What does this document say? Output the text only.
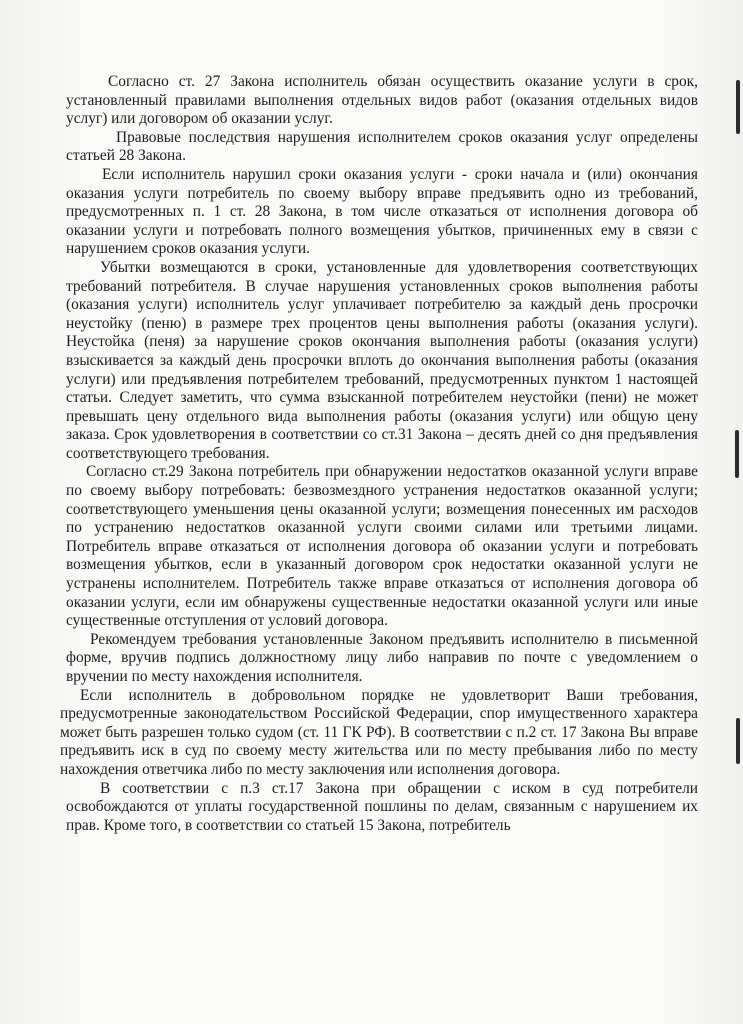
Согласно ст. 27 Закона исполнитель обязан осуществить оказание услуги в срок, установленный правилами выполнения отдельных видов работ (оказания отдельных видов услуг) или договором об оказании услуг.

Правовые последствия нарушения исполнителем сроков оказания услуг определены статьей 28 Закона.

Если исполнитель нарушил сроки оказания услуги - сроки начала и (или) окончания оказания услуги потребитель по своему выбору вправе предъявить одно из требований, предусмотренных п. 1 ст. 28 Закона, в том числе отказаться от исполнения договора об оказании услуги и потребовать полного возмещения убытков, причиненных ему в связи с нарушением сроков оказания услуги.

Убытки возмещаются в сроки, установленные для удовлетворения соответствующих требований потребителя. В случае нарушения установленных сроков выполнения работы (оказания услуги) исполнитель услуг уплачивает потребителю за каждый день просрочки неустойку (пеню) в размере трех процентов цены выполнения работы (оказания услуги). Неустойка (пеня) за нарушение сроков окончания выполнения работы (оказания услуги) взыскивается за каждый день просрочки вплоть до окончания выполнения работы (оказания услуги) или предъявления потребителем требований, предусмотренных пунктом 1 настоящей статьи. Следует заметить, что сумма взысканной потребителем неустойки (пени) не может превышать цену отдельного вида выполнения работы (оказания услуги) или общую цену заказа. Срок удовлетворения в соответствии со ст.31 Закона – десять дней со дня предъявления соответствующего требования.

Согласно ст.29 Закона потребитель при обнаружении недостатков оказанной услуги вправе по своему выбору потребовать: безвозмездного устранения недостатков оказанной услуги; соответствующего уменьшения цены оказанной услуги; возмещения понесенных им расходов по устранению недостатков оказанной услуги своими силами или третьими лицами. Потребитель вправе отказаться от исполнения договора об оказании услуги и потребовать возмещения убытков, если в указанный договором срок недостатки оказанной услуги не устранены исполнителем. Потребитель также вправе отказаться от исполнения договора об оказании услуги, если им обнаружены существенные недостатки оказанной услуги или иные существенные отступления от условий договора.

Рекомендуем требования установленные Законом предъявить исполнителю в письменной форме, вручив подпись должностному лицу либо направив по почте с уведомлением о вручении по месту нахождения исполнителя.

Если исполнитель в добровольном порядке не удовлетворит Ваши требования, предусмотренные законодательством Российской Федерации, спор имущественного характера может быть разрешен только судом (ст. 11 ГК РФ). В соответствии с п.2 ст. 17 Закона Вы вправе предъявить иск в суд по своему месту жительства или по месту пребывания либо по месту нахождения ответчика либо по месту заключения или исполнения договора.

В соответствии с п.3 ст.17 Закона при обращении с иском в суд потребители освобождаются от уплаты государственной пошлины по делам, связанным с нарушением их прав. Кроме того, в соответствии со статьей 15 Закона, потребитель
